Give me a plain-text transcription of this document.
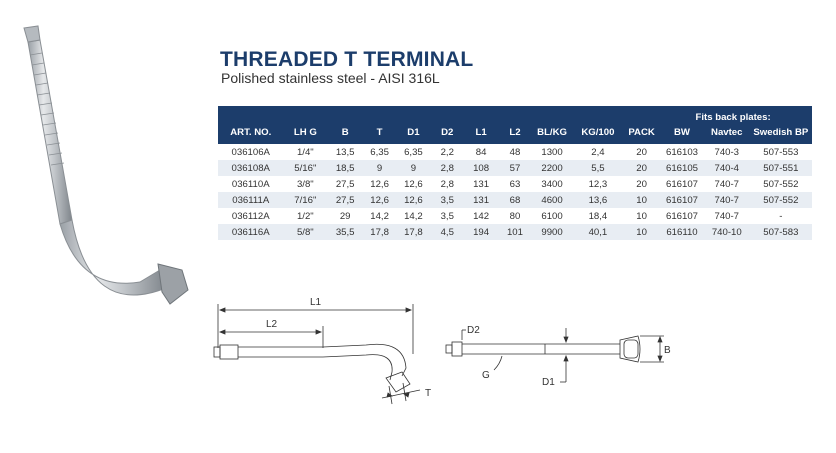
THREADED T TERMINAL
Polished stainless steel - AISI 316L
											Fits back plates:		
ART. NO.	LH G	B	T	D1	D2	L1	L2	BL/KG	KG/100	PACK	BW	Navtec	Swedish BP
036106A	1/4"	13,5	6,35	6,35	2,2	84	48	1300	2,4	20	616103	740-3	507-553
036108A	5/16"	18,5	9	9	2,8	108	57	2200	5,5	20	616105	740-4	507-551
036110A	3/8"	27,5	12,6	12,6	2,8	131	63	3400	12,3	20	616107	740-7	507-552
036111A	7/16"	27,5	12,6	12,6	3,5	131	68	4600	13,6	10	616107	740-7	507-552
036112A	1/2"	29	14,2	14,2	3,5	142	80	6100	18,4	10	616107	740-7	-
036116A	5/8"	35,5	17,8	17,8	4,5	194	101	9900	40,1	10	616110	740-10	507-583
L1
L2
T
D2
G
D1
B
